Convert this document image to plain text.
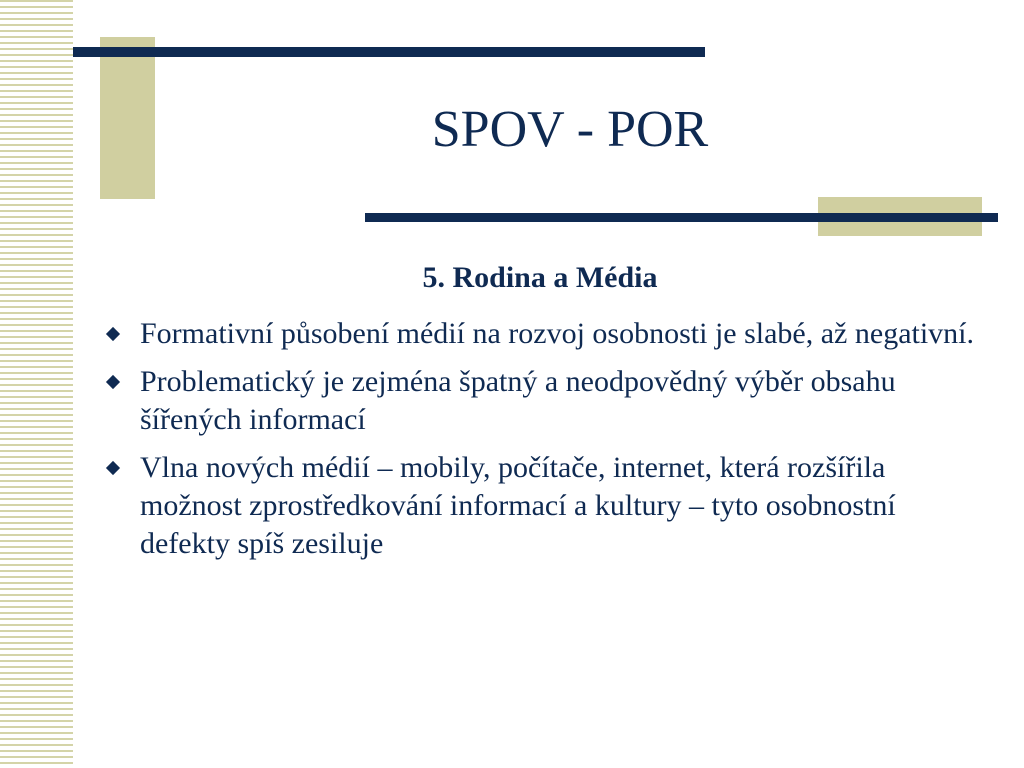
SPOV - POR
5. Rodina a Média
Formativní působení médií na rozvoj osobnosti je slabé, až negativní.
Problematický je zejména špatný a neodpovědný výběr obsahu šířených informací
Vlna nových médií – mobily, počítače, internet, která rozšířila možnost zprostředkování informací a kultury – tyto osobnostní defekty spíš zesiluje
